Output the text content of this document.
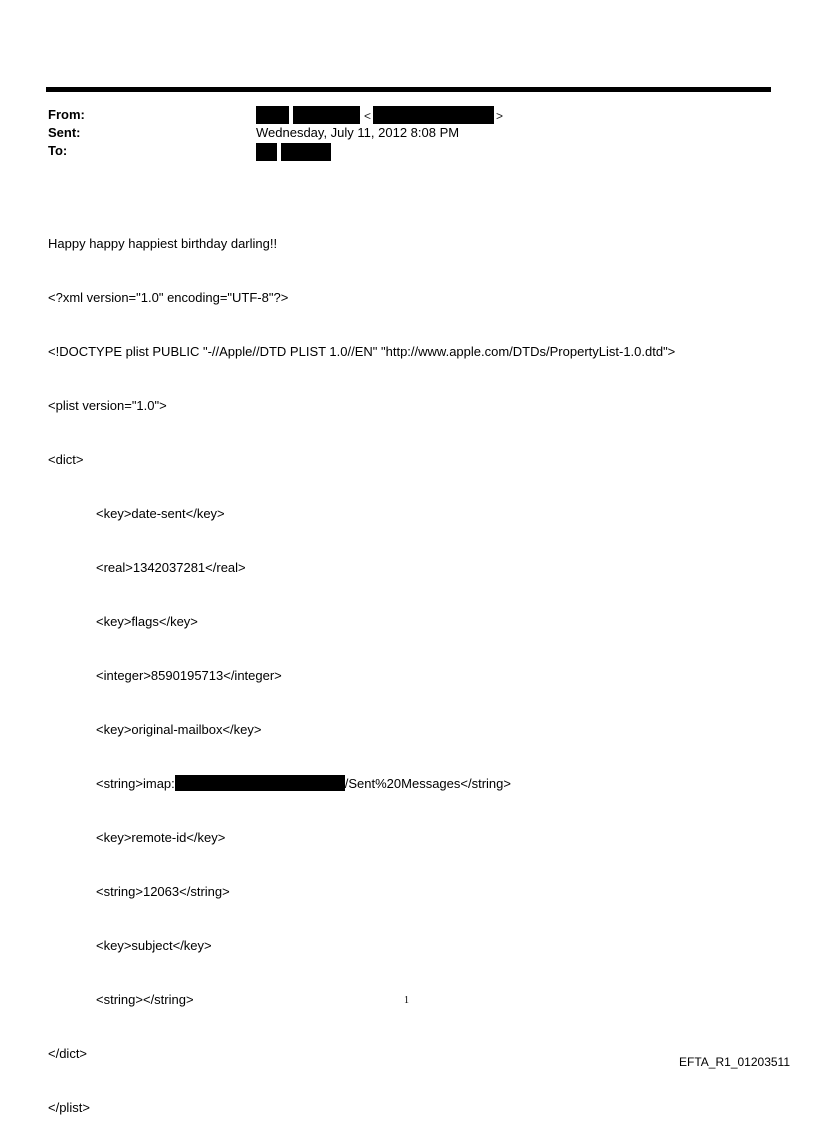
From:	<	>
Sent:	Wednesday, July 11, 2012 8:08 PM
To:

Happy happy happiest birthday darling!!

<?xml version="1.0" encoding="UTF-8"?>

<!DOCTYPE plist PUBLIC "-//Apple//DTD PLIST 1.0//EN" "http://www.apple.com/DTDs/PropertyList-1.0.dtd">

<plist version="1.0">

<dict>

<key>date-sent</key>

<real>1342037281</real>

<key>flags</key>

<integer>8590195713</integer>

<key>original-mailbox</key>

<string>imap:	/Sent%20Messages</string>

<key>remote-id</key>

<string>12063</string>

<key>subject</key>

<string></string>

</dict>

</plist>

1
EFTA_R1_01203511
